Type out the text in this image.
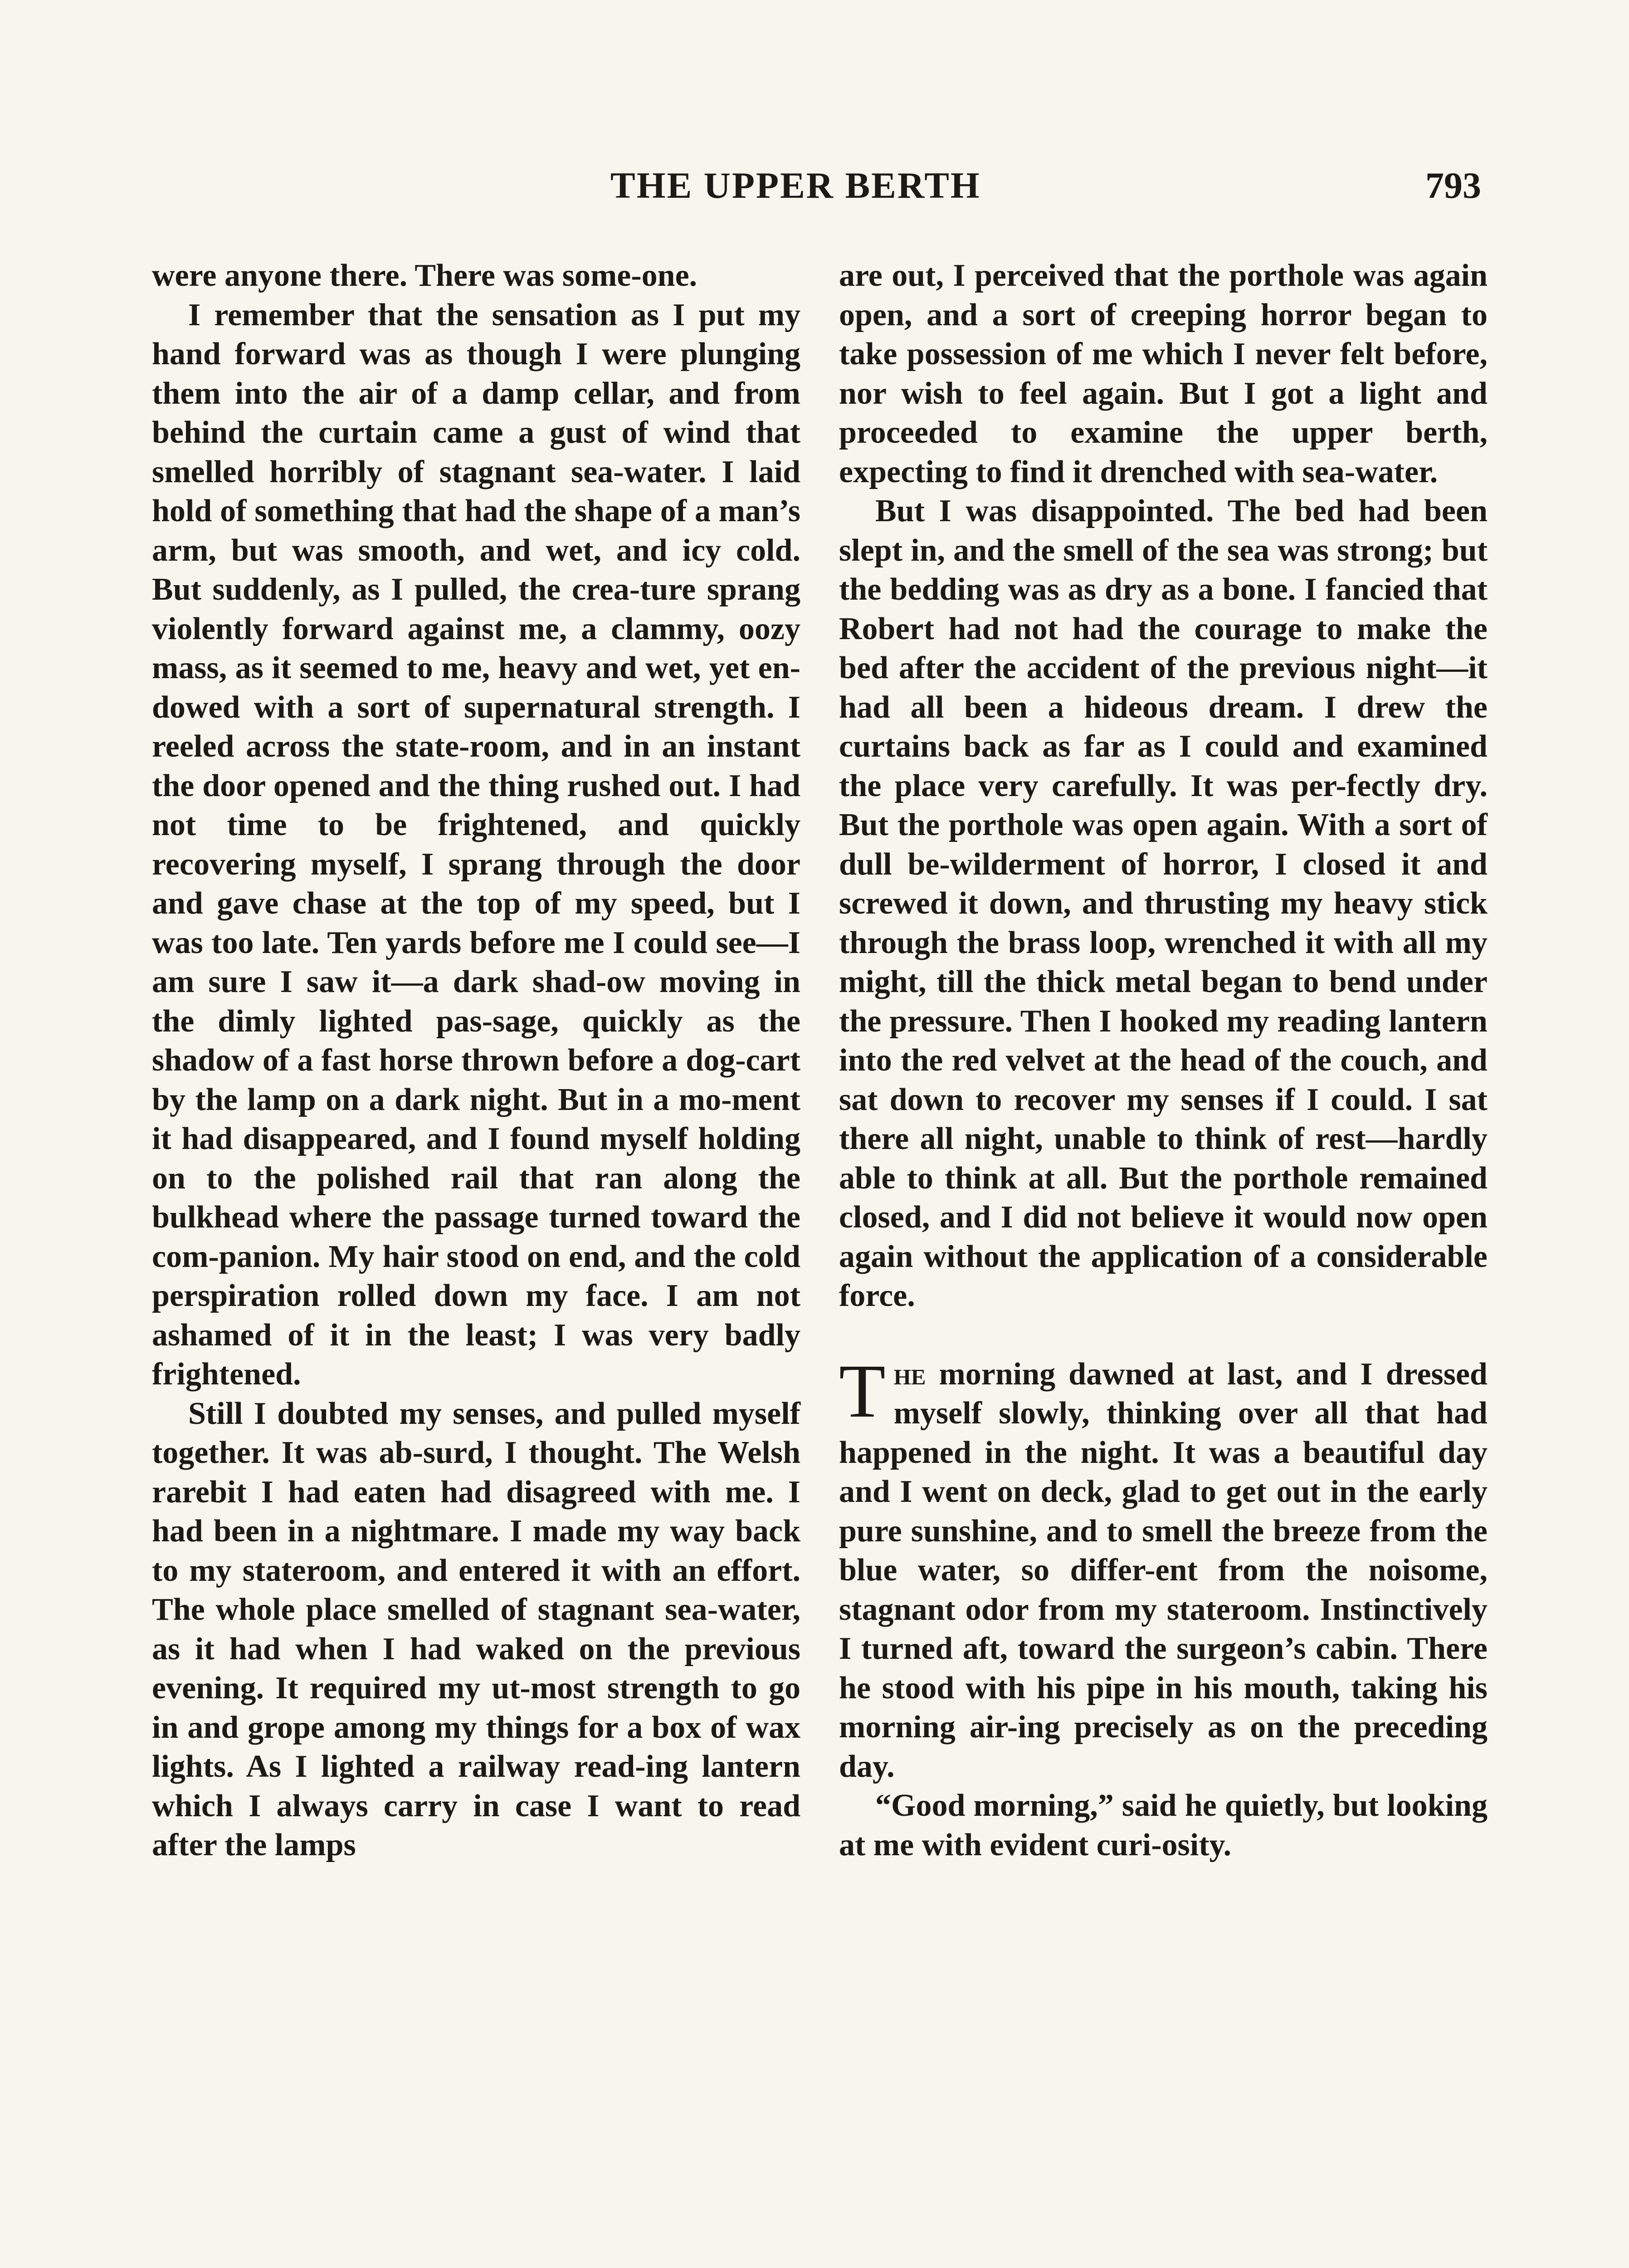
THE UPPER BERTH	793

were anyone there. There was some-one.

I remember that the sensation as I put my hand forward was as though I were plunging them into the air of a damp cellar, and from behind the curtain came a gust of wind that smelled horribly of stagnant sea-water. I laid hold of something that had the shape of a man’s arm, but was smooth, and wet, and icy cold. But suddenly, as I pulled, the crea-ture sprang violently forward against me, a clammy, oozy mass, as it seemed to me, heavy and wet, yet en-dowed with a sort of supernatural strength. I reeled across the state-room, and in an instant the door opened and the thing rushed out. I had not time to be frightened, and quickly recovering myself, I sprang through the door and gave chase at the top of my speed, but I was too late. Ten yards before me I could see—I am sure I saw it—a dark shad-ow moving in the dimly lighted pas-sage, quickly as the shadow of a fast horse thrown before a dog-cart by the lamp on a dark night. But in a mo-ment it had disappeared, and I found myself holding on to the polished rail that ran along the bulkhead where the passage turned toward the com-panion. My hair stood on end, and the cold perspiration rolled down my face. I am not ashamed of it in the least; I was very badly frightened.

Still I doubted my senses, and pulled myself together. It was ab-surd, I thought. The Welsh rarebit I had eaten had disagreed with me. I had been in a nightmare. I made my way back to my stateroom, and entered it with an effort. The whole place smelled of stagnant sea-water, as it had when I had waked on the previous evening. It required my ut-most strength to go in and grope among my things for a box of wax lights. As I lighted a railway read-ing lantern which I always carry in case I want to read after the lamps

are out, I perceived that the porthole was again open, and a sort of creeping horror began to take possession of me which I never felt before, nor wish to feel again. But I got a light and proceeded to examine the upper berth, expecting to find it drenched with sea-water.

But I was disappointed. The bed had been slept in, and the smell of the sea was strong; but the bedding was as dry as a bone. I fancied that Robert had not had the courage to make the bed after the accident of the previous night—it had all been a hideous dream. I drew the curtains back as far as I could and examined the place very carefully. It was per-fectly dry. But the porthole was open again. With a sort of dull be-wilderment of horror, I closed it and screwed it down, and thrusting my heavy stick through the brass loop, wrenched it with all my might, till the thick metal began to bend under the pressure. Then I hooked my reading lantern into the red velvet at the head of the couch, and sat down to recover my senses if I could. I sat there all night, unable to think of rest—hardly able to think at all. But the porthole remained closed, and I did not believe it would now open again without the application of a considerable force.

The morning dawned at last, and I dressed myself slowly, thinking over all that had happened in the night. It was a beautiful day and I went on deck, glad to get out in the early pure sunshine, and to smell the breeze from the blue water, so differ-ent from the noisome, stagnant odor from my stateroom. Instinctively I turned aft, toward the surgeon’s cabin. There he stood with his pipe in his mouth, taking his morning air-ing precisely as on the preceding day.

“Good morning,” said he quietly, but looking at me with evident curi-osity.
